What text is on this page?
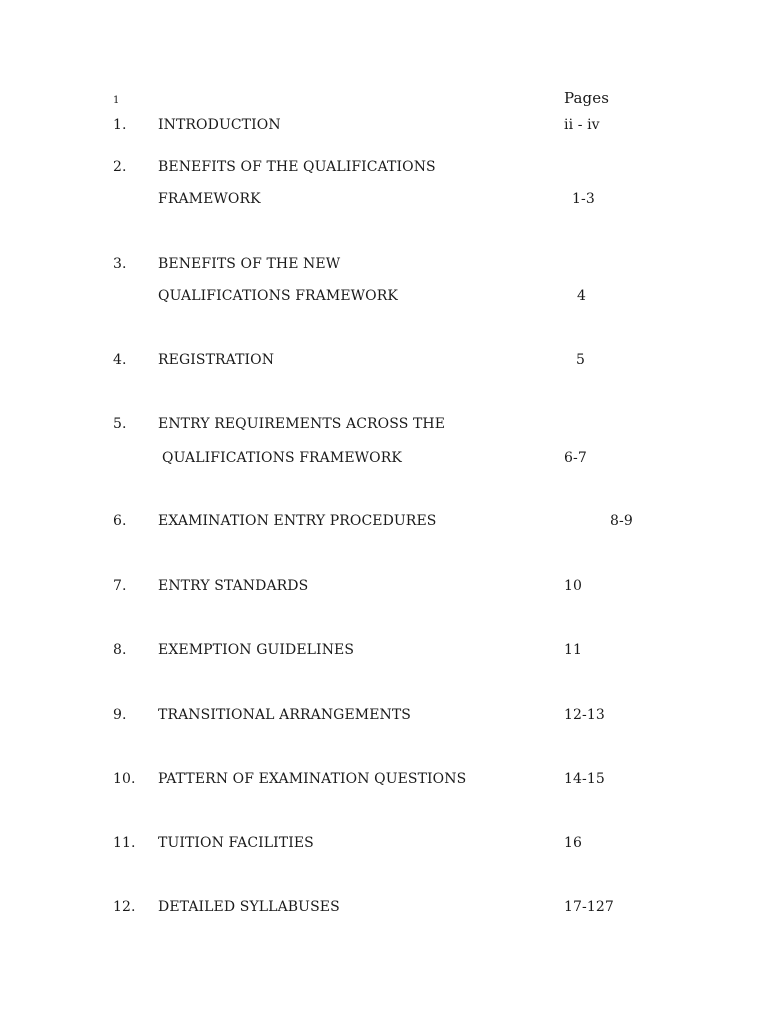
1	Pages
1. INTRODUCTION	ii - iv
2. BENEFITS OF THE QUALIFICATIONS
FRAMEWORK	1-3
3. BENEFITS OF THE NEW
QUALIFICATIONS FRAMEWORK	4
4. REGISTRATION	5
5. ENTRY REQUIREMENTS ACROSS THE
QUALIFICATIONS FRAMEWORK	6-7
6. EXAMINATION ENTRY PROCEDURES	8-9
7. ENTRY STANDARDS	10
8. EXEMPTION GUIDELINES	11
9. TRANSITIONAL ARRANGEMENTS	12-13
10. PATTERN OF EXAMINATION QUESTIONS	14-15
11. TUITION FACILITIES	16
12. DETAILED SYLLABUSES	17-127
